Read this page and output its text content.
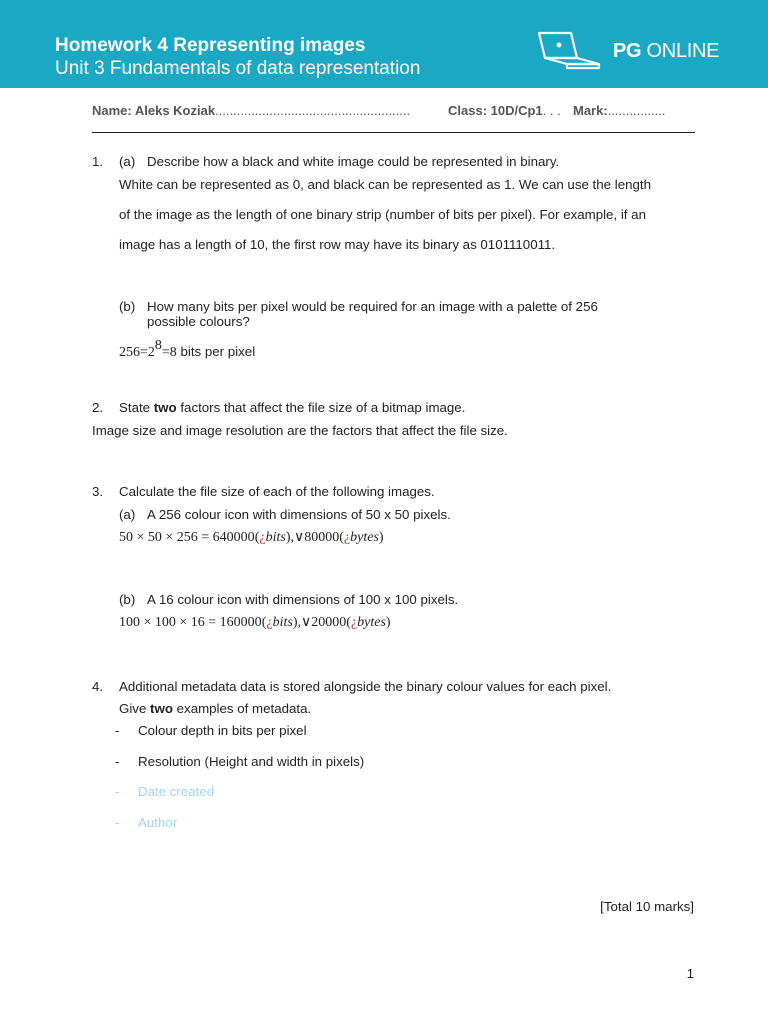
Homework 4 Representing images
Unit 3 Fundamentals of data representation
PG ONLINE
Name: Aleks Koziak......................................................	Class: 10D/Cp1. . . Mark:................
1. (a) Describe how a black and white image could be represented in binary.
White can be represented as 0, and black can be represented as 1. We can use the length
of the image as the length of one binary strip (number of bits per pixel). For example, if an
image has a length of 10, the first row may have its binary as 0101110011.
(b) How many bits per pixel would be required for an image with a palette of 256
possible colours?
$256=2^8=8$ bits per pixel
2. State two factors that affect the file size of a bitmap image.
Image size and image resolution are the factors that affect the file size.
3. Calculate the file size of each of the following images.
(a) A 256 colour icon with dimensions of 50 x 50 pixels.
50 × 50 × 256 = 640000(¿bits),∨80000(¿bytes)
(b) A 16 colour icon with dimensions of 100 x 100 pixels.
100 × 100 × 16 = 160000(¿bits),∨20000(¿bytes)
4. Additional metadata data is stored alongside the binary colour values for each pixel.
Give two examples of metadata.
- Colour depth in bits per pixel
- Resolution (Height and width in pixels)
- Date created
- Author
[Total 10 marks]
1
